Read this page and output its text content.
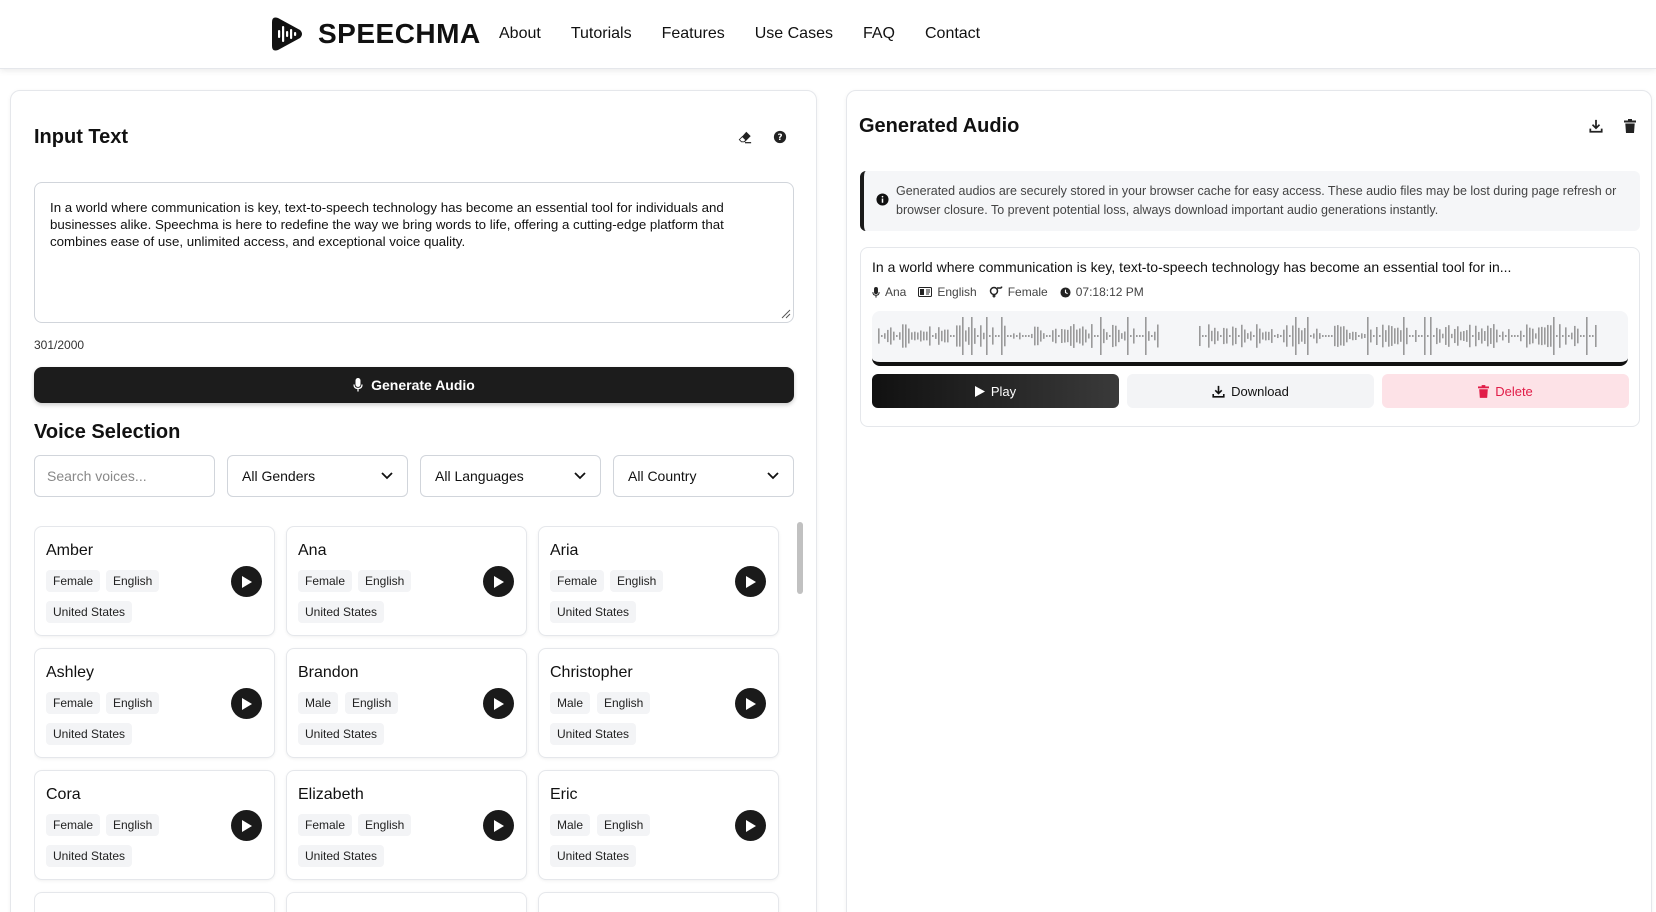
SPEECHMA About Tutorials Features Use Cases FAQ Contact
Input Text	?
In a world where communication is key, text-to-speech technology has become an essential tool for individuals and businesses alike. Speechma is here to redefine the way we bring words to life, offering a cutting-edge platform that combines ease of use, unlimited access, and exceptional voice quality.
301/2000
Generate Audio
Voice Selection
Search voices...
All Genders	All Languages	All Country
Amber
Female	English
United States
Ana
Female	English
United States
Aria
Female	English
United States
Ashley
Female	English
United States
Brandon
Male	English
United States
Christopher
Male	English
United States
Cora
Female	English
United States
Elizabeth
Female	English
United States
Eric
Male	English
United States
Generated Audio
Generated audios are securely stored in your browser cache for easy access. These audio files may be lost during page refresh or browser closure. To prevent potential loss, always download important audio generations instantly.
In a world where communication is key, text-to-speech technology has become an essential tool for in...
Ana	English	Female 07:18:12 PM
Play	Download	Delete
